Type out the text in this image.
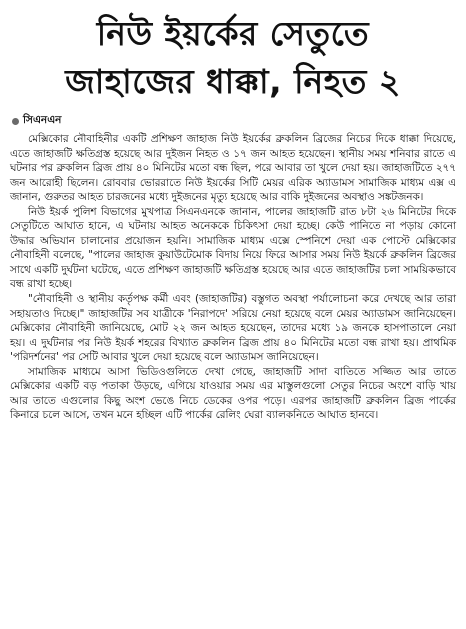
নিউ ইয়র্কের সেতুতে
জাহাজের ধাক্কা, নিহত ২
সিএনএন

মেক্সিকোর নৌবাহিনীর একটি প্রশিক্ষণ জাহাজ নিউ ইয়র্কের ব্রুকলিন ব্রিজের নিচের দিকে ধাক্কা দিয়েছে, এতে জাহাজটি ক্ষতিগ্রস্ত হয়েছে আর দুইজন নিহত ও ১৭ জন আহত হয়েছেন। স্থানীয় সময় শনিবার রাতে এ ঘটনার পর ব্রুকলিন ব্রিজ প্রায় ৪০ মিনিটের মতো বন্ধ ছিল, পরে আবার তা খুলে দেয়া হয়। জাহাজটিতে ২৭৭ জন আরোহী ছিলেন। রোববার ভোররাতে নিউ ইয়র্কের সিটি মেয়র এরিক অ্যাডামস সামাজিক মাধ্যম এক্স এ জানান, গুরুতর আহত চারজনের মধ্যে দুইজনের মৃত্যু হয়েছে আর বাকি দুইজনের অবস্থাও সঙ্কটজনক।

নিউ ইয়র্ক পুলিশ বিভাগের মুখপাত্র সিএনএনকে জানান, পালের জাহাজটি রাত ৮টা ২৬ মিনিটের দিকে সেতুটিতে আঘাত হানে, এ ঘটনায় আহত অনেককে চিকিৎসা দেয়া হচ্ছে। কেউ পানিতে না পড়ায় কোনো উদ্ধার অভিযান চালানোর প্রয়োজন হয়নি। সামাজিক মাধ্যম এক্সে স্পেনিশে দেয়া এক পোস্টে মেক্সিকোর নৌবাহিনী বলেছে, "পালের জাহাজ কুয়াউটেমোক বিদায় নিয়ে ফিরে আসার সময় নিউ ইয়র্কে ব্রুকলিন ব্রিজের সাথে একটি দুর্ঘটনা ঘটেছে, এতে প্রশিক্ষণ জাহাজটি ক্ষতিগ্রস্ত হয়েছে আর এতে জাহাজটির চলা সাময়িকভাবে বন্ধ রাখা হচ্ছে।

"নৌবাহিনী ও স্থানীয় কর্তৃপক্ষ কর্মী এবং (জাহাজটির) বস্তুগত অবস্থা পর্যালোচনা করে দেখছে আর তারা সহায়তাও দিচ্ছে।" জাহাজটির সব যাত্রীকে 'নিরাপদে' সরিয়ে নেয়া হয়েছে বলে মেয়র অ্যাডামস জানিয়েছেন। মেক্সিকোর নৌবাহিনী জানিয়েছে, মোট ২২ জন আহত হয়েছেন, তাদের মধ্যে ১৯ জনকে হাসপাতালে নেয়া হয়। এ দুর্ঘটনার পর নিউ ইয়র্ক শহরের বিখ্যাত ব্রুকলিন ব্রিজ প্রায় ৪০ মিনিটের মতো বন্ধ রাখা হয়। প্রাথমিক 'পরিদর্শনের' পর সেটি আবার খুলে দেয়া হয়েছে বলে অ্যাডামস জানিয়েছেন।

সামাজিক মাধ্যমে আসা ভিডিওগুলিতে দেখা গেছে, জাহাজটি সাদা বাতিতে সজ্জিত আর তাতে মেক্সিকোর একটি বড় পতাকা উড়ছে, এগিয়ে যাওয়ার সময় এর মাস্তুলগুলো সেতুর নিচের অংশে বাড়ি খায় আর তাতে এগুলোর কিছু অংশ ভেঙে নিচে ডেকের ওপর পড়ে। এরপর জাহাজটি ব্রুকলিন ব্রিজ পার্কের কিনারে চলে আসে, তখন মনে হচ্ছিল এটি পার্কের রেলিং ঘেরা ব্যালকনিতে আঘাত হানবে।
